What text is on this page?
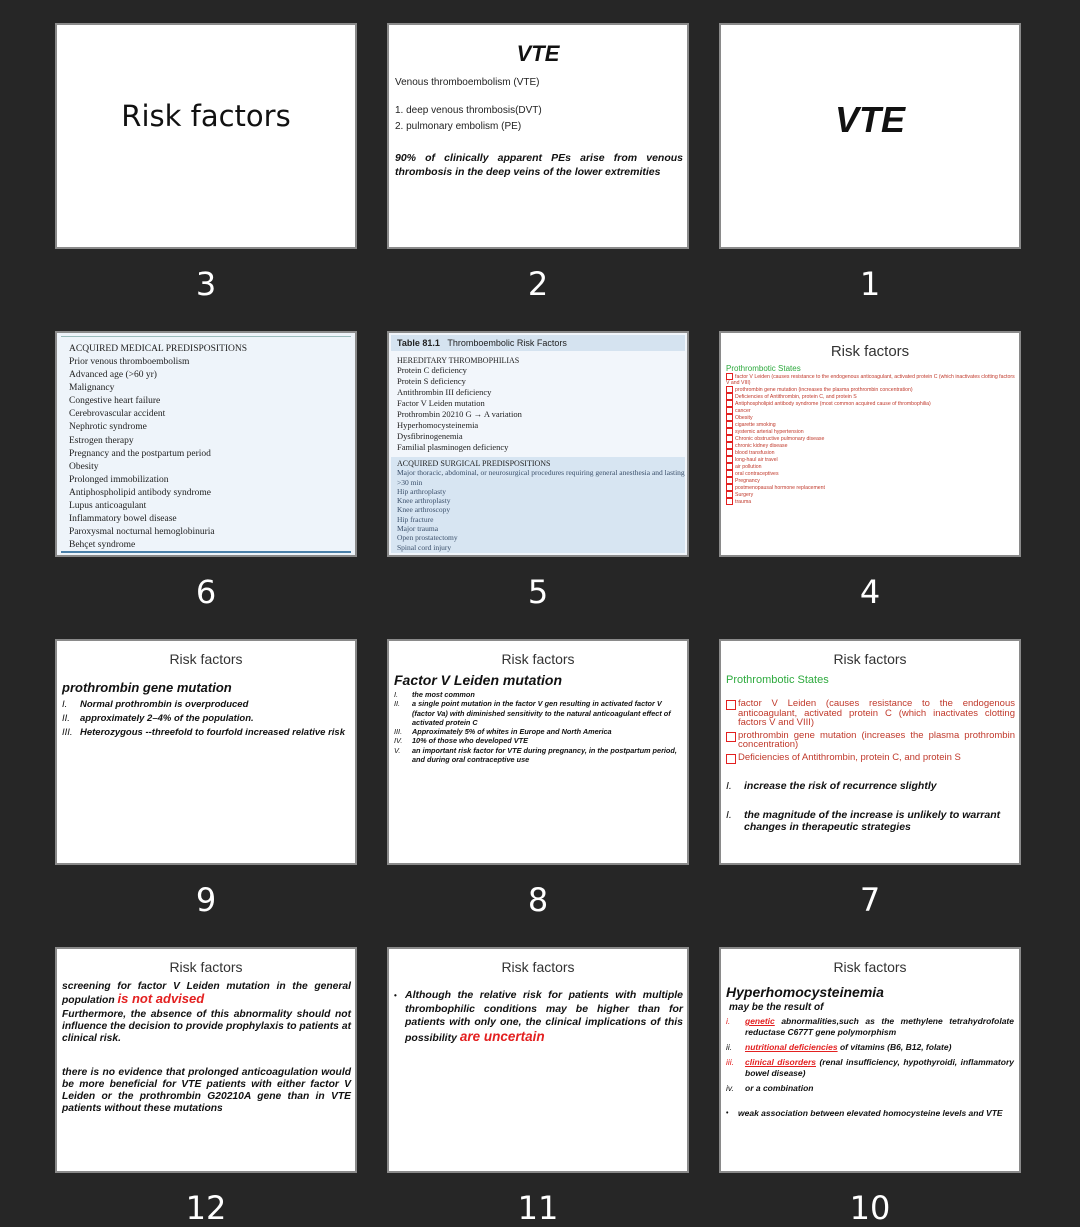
Risk factors
3
VTE
Venous thromboembolism (VTE)
1. deep venous thrombosis(DVT)
2. pulmonary embolism (PE)
90% of clinically apparent PEs arise from venous thrombosis in the deep veins of the lower extremities
2
VTE
1
ACQUIRED MEDICAL PREDISPOSITIONS
Prior venous thromboembolism
Advanced age (>60 yr)
Malignancy
Congestive heart failure
Cerebrovascular accident
Nephrotic syndrome
Estrogen therapy
Pregnancy and the postpartum period
Obesity
Prolonged immobilization
Antiphospholipid antibody syndrome
Lupus anticoagulant
Inflammatory bowel disease
Paroxysmal nocturnal hemoglobinuria
Behçet syndrome
6
Table 81.1 Thromboembolic Risk Factors
HEREDITARY THROMBOPHILIAS
Protein C deficiency
Protein S deficiency
Antithrombin III deficiency
Factor V Leiden mutation
Prothrombin 20210 G → A variation
Hyperhomocysteinemia
Dysfibrinogenemia
Familial plasminogen deficiency
ACQUIRED SURGICAL PREDISPOSITIONS
Major thoracic, abdominal, or neurosurgical procedures requiring general anesthesia and lasting >30 min
Hip arthroplasty
Knee arthroplasty
Knee arthroscopy
Hip fracture
Major trauma
Open prostatectomy
Spinal cord injury
5
Risk factors
Prothrombotic States
factor V Leiden (causes resistance to the endogenous anticoagulant, activated protein C (which inactivates clotting factors V and VIII)
prothrombin gene mutation (increases the plasma prothrombin concentration)
Deficiencies of Antithrombin, protein C, and protein S
Antiphospholipid antibody syndrome (most common acquired cause of thrombophilia)
cancer
Obesity
cigarette smoking
systemic arterial hypertension
Chronic obstructive pulmonary disease
chronic kidney disease
blood transfusion
long-haul air travel
air pollution
oral contraceptives
Pregnancy
postmenopausal hormone replacement
Surgery
trauma
4
Risk factors
prothrombin gene mutation
I. Normal prothrombin is overproduced
II. approximately 2–4% of the population.
III. Heterozygous --threefold to fourfold increased relative risk
9
Risk factors
Factor V Leiden mutation
I.	the most common
II.	a single point mutation in the factor V gen resulting in activated factor V (factor Va) with diminished sensitivity to the natural anticoagulant effect of activated protein C
III.	Approximately 5% of whites in Europe and North America
IV.	10% of those who developed VTE
V.	an important risk factor for VTE during pregnancy, in the postpartum period, and during oral contraceptive use
8
Risk factors
Prothrombotic States
factor V Leiden (causes resistance to the endogenous anticoagulant, activated protein C (which inactivates clotting factors V and VIII)
prothrombin gene mutation (increases the plasma prothrombin concentration)
Deficiencies of Antithrombin, protein C, and protein S
I.	increase the risk of recurrence slightly
I.	the magnitude of the increase is unlikely to warrant changes in therapeutic strategies
7
Risk factors
screening for factor V Leiden mutation in the general population is not advised
Furthermore, the absence of this abnormality should not influence the decision to provide prophylaxis to patients at clinical risk.
there is no evidence that prolonged anticoagulation would be more beneficial for VTE patients with either factor V Leiden or the prothrombin G20210A gene than in VTE patients without these mutations
12
Risk factors
• Although the relative risk for patients with multiple thrombophilic conditions may be higher than for patients with only one, the clinical implications of this possibility are uncertain
11
Risk factors
Hyperhomocysteinemia
may be the result of
i.	genetic abnormalities,such as the methylene tetrahydrofolate reductase C677T gene polymorphism
ii.	nutritional deficiencies of vitamins (B6, B12, folate)
iii.	clinical disorders (renal insufficiency, hypothyroidi, inflammatory bowel disease)
iv.	or a combination
•	weak association between elevated homocysteine levels and VTE
10
